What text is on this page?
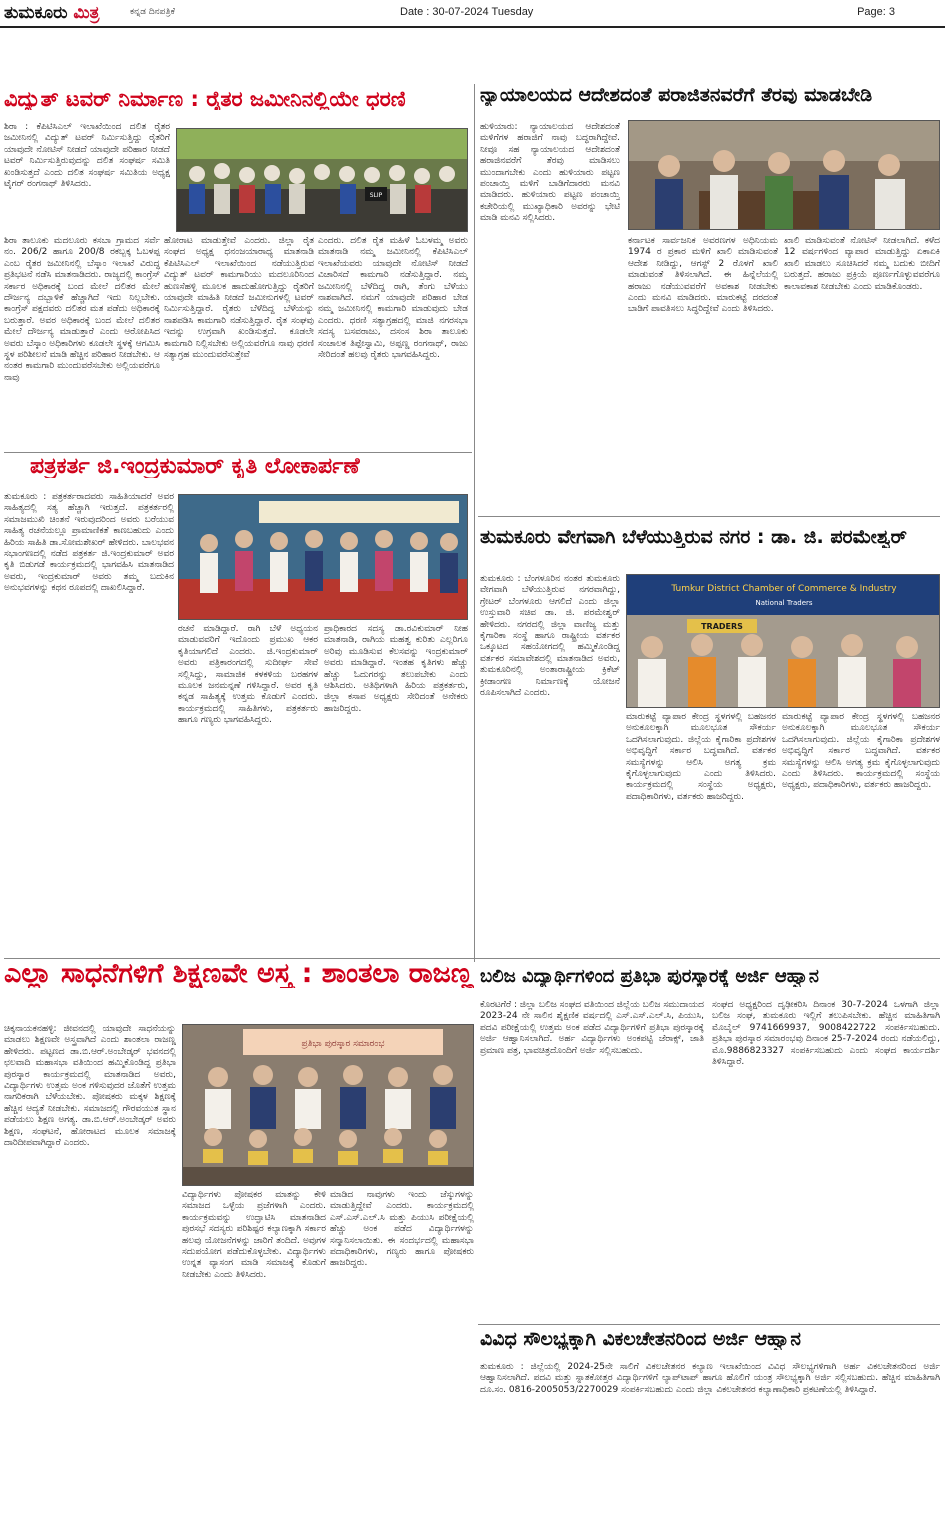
ತುಮಕೂರು ಮಿತ್ರ	ಕನ್ನಡ ದಿನಪತ್ರಿಕೆ	Date : 30-07-2024 Tuesday	Page: 3
ವಿದ್ಯುತ್ ಟವರ್ ನಿರ್ಮಾಣ : ರೈತರ ಜಮೀನಿನಲ್ಲಿಯೇ ಧರಣಿ
ಶಿರಾ : ಕೆಪಿಟಿಸಿಎಲ್ ಇಲಾಖೆಯಿಂದ ದಲಿತ ರೈತರ ಜಮೀನಿನಲ್ಲಿ ವಿದ್ಯುತ್ ಟವರ್ ನಿರ್ಮಿಸುತ್ತಿದ್ದು ರೈತರಿಗೆ ಯಾವುದೇ ನೋಟಿಸ್ ನೀಡದೆ ಯಾವುದೇ ಪರಿಹಾರ ನೀಡದೆ ಟವರ್ ನಿರ್ಮಿಸುತ್ತಿರುವುದನ್ನು ದಲಿತ ಸಂಘರ್ಷ ಸಮಿತಿ ಖಂಡಿಸುತ್ತದೆ ಎಂದು ದಲಿತ ಸಂಘರ್ಷ ಸಮಿತಿಯ ಅಧ್ಯಕ್ಷ ಟೈಗರ್ ರಂಗನಾಥ್ ತಿಳಿಸಿದರು.
SLIP
ಶಿರಾ ತಾಲೂಕು ಮದಲೂರು ಕಸಬಾ ಗ್ರಾಮದ ಸರ್ವೆ ನಂ. 206/2 ಹಾಗೂ 200/8 ರಕಬ್ಬಕ್ಕ ಓಬಳಪ್ಪ ಎಂಬ ರೈತರ ಜಮೀನಿನಲ್ಲಿ ಬೆಸ್ಕಾಂ ಇಲಾಖೆ ವಿರುದ್ಧ ಪ್ರತಿಭಟನೆ ನಡೆಸಿ ಮಾತನಾಡಿದರು. ರಾಜ್ಯದಲ್ಲಿ ಕಾಂಗ್ರೆಸ್ ಸರ್ಕಾರ ಅಧಿಕಾರಕ್ಕೆ ಬಂದ ಮೇಲೆ ದಲಿತರ ಮೇಲೆ ದೌರ್ಜನ್ಯ ದಬ್ಬಾಳಿಕೆ ಹೆಚ್ಚಾಗಿದೆ ಇದು ನಿಲ್ಲಬೇಕು. ಕಾಂಗ್ರೆಸ್ ಪಕ್ಷದವರು ದಲಿತರ ಮತ ಪಡೆದು ಅಧಿಕಾರಕ್ಕೆ ಬರುತ್ತಾರೆ. ಅವರ ಅಧಿಕಾರಕ್ಕೆ ಬಂದ ಮೇಲೆ ದಲಿತರ ಮೇಲೆ ದೌರ್ಜನ್ಯ ಮಾಡುತ್ತಾರೆ ಎಂದು ಆರೋಪಿಸಿದ ಅವರು ಬೆಸ್ಕಾಂ ಅಧಿಕಾರಿಗಳು ಕೂಡಲೇ ಸ್ಥಳಕ್ಕೆ ಆಗಮಿಸಿ ಸ್ಥಳ ಪರಿಶೀಲನೆ ಮಾಡಿ ಹೆಚ್ಚಿನ ಪರಿಹಾರ ನೀಡಬೇಕು. ಆ ನಂತರ ಕಾಮಗಾರಿ ಮುಂದುವರೆಸಬೇಕು ಅಲ್ಲಿಯವರೆಗೂ ನಾವು
ಹೋರಾಟ ಮಾಡುತ್ತೇವೆ ಎಂದರು. ಜಿಲ್ಲಾ ರೈತ ಸಂಘದ ಅಧ್ಯಕ್ಷ ಧನಂಜಯಾರಾಧ್ಯ ಮಾತನಾಡಿ ಕೆಪಿಟಿಸಿಎಲ್ ಇಲಾಖೆಯಿಂದ ನಡೆಯುತ್ತಿರುವ ವಿದ್ಯುತ್ ಟವರ್ ಕಾಮಗಾರಿಯು ಮದಲೂರಿನಿಂದ ಹುಣಸೆಹಳ್ಳಿ ಮೂಲಕ ಹಾದುಹೋಗುತ್ತಿದ್ದು ರೈತರಿಗೆ ಯಾವುದೇ ಮಾಹಿತಿ ನೀಡದೆ ಜಮೀನುಗಳಲ್ಲಿ ಟವರ್ ನಿರ್ಮಿಸುತ್ತಿದ್ದಾರೆ. ರೈತರು ಬೆಳೆದಿದ್ದ ಬೆಳೆಯನ್ನು ನಾಶಪಡಿಸಿ ಕಾಮಗಾರಿ ನಡೆಸುತ್ತಿದ್ದಾರೆ. ರೈತ ಸಂಘವು ಇದನ್ನು ಉಗ್ರವಾಗಿ ಖಂಡಿಸುತ್ತದೆ. ಕೂಡಲೇ ಕಾಮಗಾರಿ ನಿಲ್ಲಿಸಬೇಕು ಅಲ್ಲಿಯವರೆಗೂ ನಾವು ಧರಣಿ ಸತ್ಯಾಗ್ರಹ ಮುಂದುವರೆಸುತ್ತೇವೆ
ಎಂದರು. ದಲಿತ ರೈತ ಮಹಿಳೆ ಓಬಳಮ್ಮ ಅವರು ಮಾತನಾಡಿ ನಮ್ಮ ಜಮೀನಿನಲ್ಲಿ ಕೆಪಿಟಿಸಿಎಲ್ ಇಲಾಖೆಯವರು ಯಾವುದೇ ನೋಟಿಸ್ ನೀಡದೆ ವಿಚಾರಿಸದೆ ಕಾಮಗಾರಿ ನಡೆಸುತ್ತಿದ್ದಾರೆ. ನಮ್ಮ ಜಮೀನಿನಲ್ಲಿ ಬೆಳೆದಿದ್ದ ರಾಗಿ, ತೆಂಗು ಬೆಳೆಯು ನಾಶವಾಗಿದೆ. ನಮಗೆ ಯಾವುದೇ ಪರಿಹಾರ ಬೇಡ ನಮ್ಮ ಜಮೀನಿನಲ್ಲಿ ಕಾಮಗಾರಿ ಮಾಡುವುದು ಬೇಡ ಎಂದರು. ಧರಣಿ ಸತ್ಯಾಗ್ರಹದಲ್ಲಿ ಮಾಜಿ ನಗರಸಭಾ ಸದಸ್ಯ ಬಸವರಾಜು, ದಸಂಸ ಶಿರಾ ತಾಲೂಕು ಸಂಚಾಲಕ ತಿಪ್ಪೇಸ್ವಾಮಿ, ಅಪ್ಪಣ್ಣ ರಂಗನಾಥ್, ರಾಜು ಸೇರಿದಂತೆ ಹಲವು ರೈತರು ಭಾಗವಹಿಸಿದ್ದರು.
ನ್ಯಾಯಾಲಯದ ಆದೇಶದಂತೆ ಪರಾಜಿತನವರೆಗೆ ತೆರವು ಮಾಡಬೇಡಿ
ಹುಳಿಯಾರು: ನ್ಯಾಯಾಲಯದ ಆದೇಶದಂತೆ ಮಳಿಗೆಗಳ ಹರಾಜಿಗೆ ನಾವು ಬದ್ಧರಾಗಿದ್ದೇವೆ. ನೀವೂ ಸಹ ನ್ಯಾಯಾಲಯದ ಆದೇಶದಂತೆ ಹರಾಜಿನವರೆಗೆ ತೆರವು ಮಾಡಿಸಲು ಮುಂದಾಗಬೇಕು ಎಂದು ಹುಳಿಯಾರು ಪಟ್ಟಣ ಪಂಚಾಯ್ತಿ ಮಳಿಗೆ ಬಾಡಿಗೆದಾರರು ಮನವಿ ಮಾಡಿದರು. ಹುಳಿಯಾರು ಪಟ್ಟಣ ಪಂಚಾಯ್ತಿ ಕಚೇರಿಯಲ್ಲಿ ಮುಖ್ಯಾಧಿಕಾರಿ ಅವರನ್ನು ಭೇಟಿ ಮಾಡಿ ಮನವಿ ಸಲ್ಲಿಸಿದರು.
ಕರ್ನಾಟಕ ಸಾರ್ವಜನಿಕ ಅವರಣಗಳ ಅಧಿನಿಯಮ 1974 ರ ಪ್ರಕಾರ ಮಳಿಗೆ ಖಾಲಿ ಮಾಡಿಸುವಂತೆ ಆದೇಶ ನೀಡಿದ್ದು, ಆಗಸ್ಟ್ 2 ರೊಳಗೆ ಖಾಲಿ ಮಾಡುವಂತೆ ತಿಳಿಸಲಾಗಿದೆ. ಈ ಹಿನ್ನೆಲೆಯಲ್ಲಿ ಹರಾಜು ನಡೆಯುವವರೆಗೆ ಅವಕಾಶ ನೀಡಬೇಕು ಎಂದು ಮನವಿ ಮಾಡಿದರು. ಮಾರುಕಟ್ಟೆ ದರದಂತೆ ಬಾಡಿಗೆ ಪಾವತಿಸಲು ಸಿದ್ಧರಿದ್ದೇವೆ ಎಂದು ತಿಳಿಸಿದರು.
ಖಾಲಿ ಮಾಡಿಸುವಂತೆ ನೋಟಿಸ್ ನೀಡಲಾಗಿದೆ. ಕಳೆದ 12 ವರ್ಷಗಳಿಂದ ವ್ಯಾಪಾರ ಮಾಡುತ್ತಿದ್ದು ಏಕಾಏಕಿ ಖಾಲಿ ಮಾಡಲು ಸೂಚಿಸಿದರೆ ನಮ್ಮ ಬದುಕು ಬೀದಿಗೆ ಬರುತ್ತದೆ. ಹರಾಜು ಪ್ರಕ್ರಿಯೆ ಪೂರ್ಣಗೊಳ್ಳುವವರೆಗೂ ಕಾಲಾವಕಾಶ ನೀಡಬೇಕು ಎಂದು ಮಾಡಿಕೊಂಡರು.
ಪತ್ರಕರ್ತ ಜಿ.ಇಂದ್ರಕುಮಾರ್ ಕೃತಿ ಲೋಕಾರ್ಪಣೆ
ತುಮಕೂರು : ಪತ್ರಕರ್ತರಾದವರು ಸಾಹಿತಿಯಾದರೆ ಅವರ ಸಾಹಿತ್ಯದಲ್ಲಿ ಸತ್ಯ ಹೆಚ್ಚಾಗಿ ಇರುತ್ತದೆ. ಪತ್ರಕರ್ತರಲ್ಲಿ ಸಮಾಜಮುಖಿ ಚಿಂತನೆ ಇರುವುದರಿಂದ ಅವರು ಬರೆಯುವ ಸಾಹಿತ್ಯ ರಚನೆಯಲ್ಲೂ ಪ್ರಾಮಾಣಿಕತೆ ಕಾಣಬಹುದು ಎಂದು ಹಿರಿಯ ಸಾಹಿತಿ ಡಾ.ಸೋಮಶೇಖರ್ ಹೇಳಿದರು. ಬಾಲಭವನ ಸಭಾಂಗಣದಲ್ಲಿ ನಡೆದ ಪತ್ರಕರ್ತ ಜಿ.ಇಂದ್ರಕುಮಾರ್ ಅವರ ಕೃತಿ ಬಿಡುಗಡೆ ಕಾರ್ಯಕ್ರಮದಲ್ಲಿ ಭಾಗವಹಿಸಿ ಮಾತನಾಡಿದ ಅವರು, ಇಂದ್ರಕುಮಾರ್ ಅವರು ತಮ್ಮ ಬದುಕಿನ ಅನುಭವಗಳನ್ನು ಕಥನ ರೂಪದಲ್ಲಿ ದಾಖಲಿಸಿದ್ದಾರೆ.
ರಚನೆ ಮಾಡಿದ್ದಾರೆ. ರಾಗಿ ಬೆಳೆ ಅಧ್ಯಯನ ಮಾಡುವವರಿಗೆ ಇದೊಂದು ಪ್ರಮುಖ ಆಕರ ಕೃತಿಯಾಗಲಿದೆ ಎಂದರು. ಜಿ.ಇಂದ್ರಕುಮಾರ್ ಅವರು ಪತ್ರಿಕಾರಂಗದಲ್ಲಿ ಸುದೀರ್ಘ ಸೇವೆ ಸಲ್ಲಿಸಿದ್ದು, ಸಾಮಾಜಿಕ ಕಳಕಳಿಯ ಬರಹಗಳ ಮೂಲಕ ಜನಮನ್ನಣೆ ಗಳಿಸಿದ್ದಾರೆ. ಅವರ ಕೃತಿ ಕನ್ನಡ ಸಾಹಿತ್ಯಕ್ಕೆ ಉತ್ತಮ ಕೊಡುಗೆ ಎಂದರು. ಕಾರ್ಯಕ್ರಮದಲ್ಲಿ ಸಾಹಿತಿಗಳು, ಪತ್ರಕರ್ತರು ಹಾಗೂ ಗಣ್ಯರು ಭಾಗವಹಿಸಿದ್ದರು.
ಪ್ರಾಧಿಕಾರದ ಸದಸ್ಯ ಡಾ.ರವಿಕುಮಾರ್ ನೀಹ ಮಾತನಾಡಿ, ರಾಗಿಯ ಮಹತ್ವ ಕುರಿತು ಎಲ್ಲರಿಗೂ ಅರಿವು ಮೂಡಿಸುವ ಕೆಲಸವನ್ನು ಇಂದ್ರಕುಮಾರ್ ಅವರು ಮಾಡಿದ್ದಾರೆ. ಇಂತಹ ಕೃತಿಗಳು ಹೆಚ್ಚು ಹೆಚ್ಚು ಓದುಗರನ್ನು ತಲುಪಬೇಕು ಎಂದು ಆಶಿಸಿದರು. ಅತಿಥಿಗಳಾಗಿ ಹಿರಿಯ ಪತ್ರಕರ್ತರು, ಜಿಲ್ಲಾ ಕಸಾಪ ಅಧ್ಯಕ್ಷರು ಸೇರಿದಂತೆ ಅನೇಕರು ಹಾಜರಿದ್ದರು.
ತುಮಕೂರು ವೇಗವಾಗಿ ಬೆಳೆಯುತ್ತಿರುವ ನಗರ : ಡಾ. ಜಿ. ಪರಮೇಶ್ವರ್
ತುಮಕೂರು : ಬೆಂಗಳೂರಿನ ನಂತರ ತುಮಕೂರು ವೇಗವಾಗಿ ಬೆಳೆಯುತ್ತಿರುವ ನಗರವಾಗಿದ್ದು, ಗ್ರೇಟರ್ ಬೆಂಗಳೂರು ಆಗಲಿದೆ ಎಂದು ಜಿಲ್ಲಾ ಉಸ್ತುವಾರಿ ಸಚಿವ ಡಾ. ಜಿ. ಪರಮೇಶ್ವರ್ ಹೇಳಿದರು. ನಗರದಲ್ಲಿ ಜಿಲ್ಲಾ ವಾಣಿಜ್ಯ ಮತ್ತು ಕೈಗಾರಿಕಾ ಸಂಸ್ಥೆ ಹಾಗೂ ರಾಷ್ಟ್ರೀಯ ವರ್ತಕರ ಒಕ್ಕೂಟದ ಸಹಯೋಗದಲ್ಲಿ ಹಮ್ಮಿಕೊಂಡಿದ್ದ ವರ್ತಕರ ಸಮಾವೇಶದಲ್ಲಿ ಮಾತನಾಡಿದ ಅವರು, ತುಮಕೂರಿನಲ್ಲಿ ಅಂತಾರಾಷ್ಟ್ರೀಯ ಕ್ರಿಕೆಟ್ ಕ್ರೀಡಾಂಗಣ ನಿರ್ಮಾಣಕ್ಕೆ ಯೋಜನೆ ರೂಪಿಸಲಾಗಿದೆ ಎಂದರು.
Tumkur District Chamber of Commerce & Industry
National Traders
TRADERS
ಮಾರುಕಟ್ಟೆ ವ್ಯಾಪಾರ ಕೇಂದ್ರ ಸ್ಥಳಗಳಲ್ಲಿ ಬಹಜನರ ಅನುಕೂಲಕ್ಕಾಗಿ ಮೂಲಭೂತ ಸೌಕರ್ಯ ಒದಗಿಸಲಾಗುವುದು. ಜಿಲ್ಲೆಯ ಕೈಗಾರಿಕಾ ಪ್ರದೇಶಗಳ ಅಭಿವೃದ್ಧಿಗೆ ಸರ್ಕಾರ ಬದ್ಧವಾಗಿದೆ. ವರ್ತಕರ ಸಮಸ್ಯೆಗಳನ್ನು ಆಲಿಸಿ ಅಗತ್ಯ ಕ್ರಮ ಕೈಗೊಳ್ಳಲಾಗುವುದು ಎಂದು ತಿಳಿಸಿದರು. ಕಾರ್ಯಕ್ರಮದಲ್ಲಿ ಸಂಸ್ಥೆಯ ಅಧ್ಯಕ್ಷರು, ಪದಾಧಿಕಾರಿಗಳು, ವರ್ತಕರು ಹಾಜರಿದ್ದರು.
ಮಾರುಕಟ್ಟೆ ವ್ಯಾಪಾರ ಕೇಂದ್ರ ಸ್ಥಳಗಳಲ್ಲಿ ಬಹಜನರ ಅನುಕೂಲಕ್ಕಾಗಿ ಮೂಲಭೂತ ಸೌಕರ್ಯ ಒದಗಿಸಲಾಗುವುದು. ಜಿಲ್ಲೆಯ ಕೈಗಾರಿಕಾ ಪ್ರದೇಶಗಳ ಅಭಿವೃದ್ಧಿಗೆ ಸರ್ಕಾರ ಬದ್ಧವಾಗಿದೆ. ವರ್ತಕರ ಸಮಸ್ಯೆಗಳನ್ನು ಆಲಿಸಿ ಅಗತ್ಯ ಕ್ರಮ ಕೈಗೊಳ್ಳಲಾಗುವುದು ಎಂದು ತಿಳಿಸಿದರು. ಕಾರ್ಯಕ್ರಮದಲ್ಲಿ ಸಂಸ್ಥೆಯ ಅಧ್ಯಕ್ಷರು, ಪದಾಧಿಕಾರಿಗಳು, ವರ್ತಕರು ಹಾಜರಿದ್ದರು.
ಎಲ್ಲಾ ಸಾಧನೆಗಳಿಗೆ ಶಿಕ್ಷಣವೇ ಅಸ್ತ್ರ : ಶಾಂತಲಾ ರಾಜಣ್ಣ
ಚಿಕ್ಕನಾಯಕನಹಳ್ಳಿ: ಜೀವನದಲ್ಲಿ ಯಾವುದೇ ಸಾಧನೆಯನ್ನು ಮಾಡಲು ಶಿಕ್ಷಣವೇ ಅಸ್ತ್ರವಾಗಿದೆ ಎಂದು ಶಾಂತಲಾ ರಾಜಣ್ಣ ಹೇಳಿದರು. ಪಟ್ಟಣದ ಡಾ.ಬಿ.ಆರ್.ಅಂಬೇಡ್ಕರ್ ಭವನದಲ್ಲಿ ಛಲವಾದಿ ಮಹಾಸಭಾ ವತಿಯಿಂದ ಹಮ್ಮಿಕೊಂಡಿದ್ದ ಪ್ರತಿಭಾ ಪುರಸ್ಕಾರ ಕಾರ್ಯಕ್ರಮದಲ್ಲಿ ಮಾತನಾಡಿದ ಅವರು, ವಿದ್ಯಾರ್ಥಿಗಳು ಉತ್ತಮ ಅಂಕ ಗಳಿಸುವುದರ ಜೊತೆಗೆ ಉತ್ತಮ ನಾಗರಿಕರಾಗಿ ಬೆಳೆಯಬೇಕು. ಪೋಷಕರು ಮಕ್ಕಳ ಶಿಕ್ಷಣಕ್ಕೆ ಹೆಚ್ಚಿನ ಆದ್ಯತೆ ನೀಡಬೇಕು. ಸಮಾಜದಲ್ಲಿ ಗೌರವಯುತ ಸ್ಥಾನ ಪಡೆಯಲು ಶಿಕ್ಷಣ ಅಗತ್ಯ. ಡಾ.ಬಿ.ಆರ್.ಅಂಬೇಡ್ಕರ್ ಅವರು ಶಿಕ್ಷಣ, ಸಂಘಟನೆ, ಹೋರಾಟದ ಮೂಲಕ ಸಮಾಜಕ್ಕೆ ದಾರಿದೀಪವಾಗಿದ್ದಾರೆ ಎಂದರು.
ಪ್ರತಿಭಾ ಪುರಸ್ಕಾರ ಸಮಾರಂಭ
ವಿದ್ಯಾರ್ಥಿಗಳು ಪೋಷಕರ ಮಾತನ್ನು ಕೇಳಿ ಸಮಾಜದ ಒಳ್ಳೆಯ ಪ್ರಜೆಗಳಾಗಿ ಎಂದರು. ಕಾರ್ಯಕ್ರಮವನ್ನು ಉದ್ಘಾಟಿಸಿ ಮಾತನಾಡಿದ ಪುರಸಭೆ ಸದಸ್ಯರು ಪರಿಶಿಷ್ಟರ ಕಲ್ಯಾಣಕ್ಕಾಗಿ ಸರ್ಕಾರ ಹಲವು ಯೋಜನೆಗಳನ್ನು ಜಾರಿಗೆ ತಂದಿದೆ. ಅವುಗಳ ಸದುಪಯೋಗ ಪಡೆದುಕೊಳ್ಳಬೇಕು. ವಿದ್ಯಾರ್ಥಿಗಳು ಉನ್ನತ ವ್ಯಾಸಂಗ ಮಾಡಿ ಸಮಾಜಕ್ಕೆ ಕೊಡುಗೆ ನೀಡಬೇಕು ಎಂದು ತಿಳಿಸಿದರು.
ಮಾಡಿದ ನಾವುಗಳು ಇಂದು ಜೆಸ್ಕುಗಳನ್ನು ಮಾಡುತ್ತಿದ್ದೇವೆ ಎಂದರು. ಕಾರ್ಯಕ್ರಮದಲ್ಲಿ ಎಸ್.ಎಸ್.ಎಲ್.ಸಿ ಮತ್ತು ಪಿಯುಸಿ ಪರೀಕ್ಷೆಯಲ್ಲಿ ಹೆಚ್ಚು ಅಂಕ ಪಡೆದ ವಿದ್ಯಾರ್ಥಿಗಳನ್ನು ಸನ್ಮಾನಿಸಲಾಯಿತು. ಈ ಸಂದರ್ಭದಲ್ಲಿ ಮಹಾಸಭಾ ಪದಾಧಿಕಾರಿಗಳು, ಗಣ್ಯರು ಹಾಗೂ ಪೋಷಕರು ಹಾಜರಿದ್ದರು.
ಬಲಿಜ ವಿದ್ಯಾರ್ಥಿಗಳಿಂದ ಪ್ರತಿಭಾ ಪುರಸ್ಕಾರಕ್ಕೆ ಅರ್ಜಿ ಆಹ್ವಾನ
ಕೊರಟಗೆರೆ : ಜಿಲ್ಲಾ ಬಲಿಜ ಸಂಘದ ವತಿಯಿಂದ ಜಿಲ್ಲೆಯ ಬಲಿಜ ಸಮುದಾಯದ 2023-24 ನೇ ಸಾಲಿನ ಶೈಕ್ಷಣಿಕ ವರ್ಷದಲ್ಲಿ ಎಸ್.ಎಸ್.ಎಲ್.ಸಿ, ಪಿಯುಸಿ, ಪದವಿ ಪರೀಕ್ಷೆಯಲ್ಲಿ ಉತ್ತಮ ಅಂಕ ಪಡೆದ ವಿದ್ಯಾರ್ಥಿಗಳಿಗೆ ಪ್ರತಿಭಾ ಪುರಸ್ಕಾರಕ್ಕೆ ಅರ್ಜಿ ಆಹ್ವಾನಿಸಲಾಗಿದೆ. ಅರ್ಹ ವಿದ್ಯಾರ್ಥಿಗಳು ಅಂಕಪಟ್ಟಿ ಜೆರಾಕ್ಸ್, ಜಾತಿ ಪ್ರಮಾಣ ಪತ್ರ, ಭಾವಚಿತ್ರದೊಂದಿಗೆ ಅರ್ಜಿ ಸಲ್ಲಿಸಬಹುದು.
ಸಂಘದ ಅಧ್ಯಕ್ಷರಿಂದ ದೃಢೀಕರಿಸಿ ದಿನಾಂಕ 30-7-2024 ಒಳಗಾಗಿ ಜಿಲ್ಲಾ ಬಲಿಜ ಸಂಘ, ತುಮಕೂರು ಇಲ್ಲಿಗೆ ತಲುಪಿಸಬೇಕು. ಹೆಚ್ಚಿನ ಮಾಹಿತಿಗಾಗಿ ಮೊಬೈಲ್ 9741669937, 9008422722 ಸಂಪರ್ಕಿಸಬಹುದು. ಪ್ರತಿಭಾ ಪುರಸ್ಕಾರ ಸಮಾರಂಭವು ದಿನಾಂಕ 25-7-2024 ರಂದು ನಡೆಯಲಿದ್ದು, ಮೊ.9886823327 ಸಂಪರ್ಕಿಸಬಹುದು ಎಂದು ಸಂಘದ ಕಾರ್ಯದರ್ಶಿ ತಿಳಿಸಿದ್ದಾರೆ.
ವಿವಿಧ ಸೌಲಭ್ಯಕ್ಕಾಗಿ ವಿಕಲಚೇತನರಿಂದ ಅರ್ಜಿ ಆಹ್ವಾನ
ತುಮಕೂರು : ಜಿಲ್ಲೆಯಲ್ಲಿ 2024-25ನೇ ಸಾಲಿಗೆ ವಿಕಲಚೇತನರ ಕಲ್ಯಾಣ ಇಲಾಖೆಯಿಂದ ವಿವಿಧ ಸೌಲಭ್ಯಗಳಿಗಾಗಿ ಅರ್ಹ ವಿಕಲಚೇತನರಿಂದ ಅರ್ಜಿ ಆಹ್ವಾನಿಸಲಾಗಿದೆ. ಪದವಿ ಮತ್ತು ಸ್ನಾತಕೋತ್ತರ ವಿದ್ಯಾರ್ಥಿಗಳಿಗೆ ಲ್ಯಾಪ್‌ಟಾಪ್ ಹಾಗೂ ಹೊಲಿಗೆ ಯಂತ್ರ ಸೌಲಭ್ಯಕ್ಕಾಗಿ ಅರ್ಜಿ ಸಲ್ಲಿಸಬಹುದು. ಹೆಚ್ಚಿನ ಮಾಹಿತಿಗಾಗಿ ದೂ.ಸಂ. 0816-2005053/2270029 ಸಂಪರ್ಕಿಸಬಹುದು ಎಂದು ಜಿಲ್ಲಾ ವಿಕಲಚೇತನರ ಕಲ್ಯಾಣಾಧಿಕಾರಿ ಪ್ರಕಟಣೆಯಲ್ಲಿ ತಿಳಿಸಿದ್ದಾರೆ.
